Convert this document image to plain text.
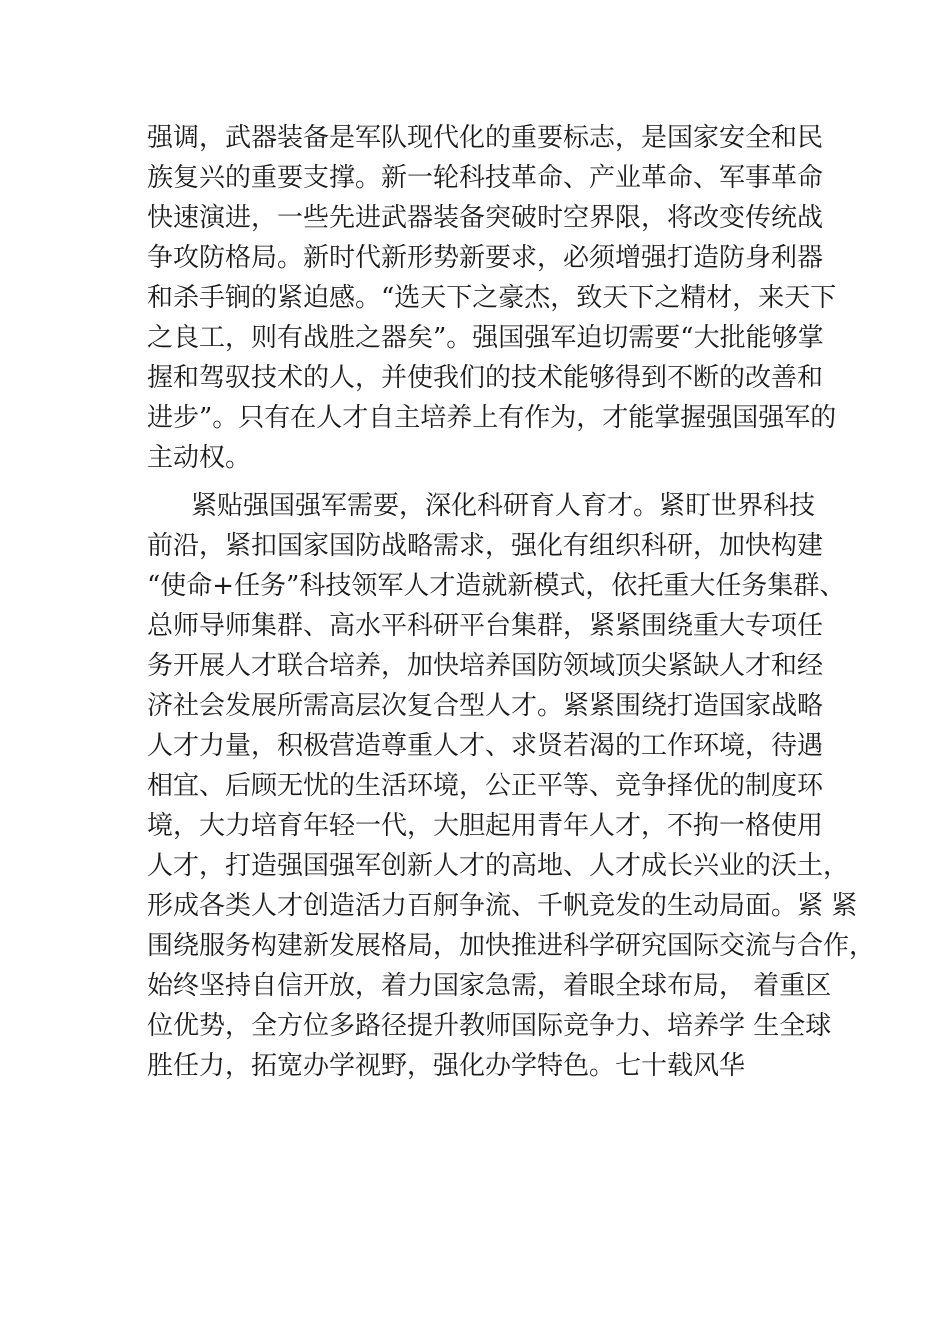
强调，武器装备是军队现代化的重要标志，是国家安全和民
族复兴的重要支撑。新一轮科技革命、产业革命、军事革命
快速演进，一些先进武器装备突破时空界限，将改变传统战
争攻防格局。新时代新形势新要求，必须增强打造防身利器
和杀手锏的紧迫感。“选天下之豪杰，致天下之精材，来天下
之良工，则有战胜之器矣”。强国强军迫切需要“大批能够掌
握和驾驭技术的人，并使我们的技术能够得到不断的改善和
进步”。只有在人才自主培养上有作为，才能掌握强国强军的
主动权。
紧贴强国强军需要，深化科研育人育才。紧盯世界科技
前沿，紧扣国家国防战略需求，强化有组织科研，加快构建
“使命+任务”科技领军人才造就新模式，依托重大任务集群、
总师导师集群、高水平科研平台集群，紧紧围绕重大专项任
务开展人才联合培养，加快培养国防领域顶尖紧缺人才和经
济社会发展所需高层次复合型人才。紧紧围绕打造国家战略
人才力量，积极营造尊重人才、求贤若渴的工作环境，待遇
相宜、后顾无忧的生活环境，公正平等、竞争择优的制度环
境，大力培育年轻一代，大胆起用青年人才，不拘一格使用
人才，打造强国强军创新人才的高地、人才成长兴业的沃土，
形成各类人才创造活力百舸争流、千帆竞发的生动局面。紧 紧
围绕服务构建新发展格局，加快推进科学研究国际交流与合作，
始终坚持自信开放，着力国家急需，着眼全球布局， 着重区
位优势，全方位多路径提升教师国际竞争力、培养学 生全球
胜任力，拓宽办学视野，强化办学特色。七十载风华
